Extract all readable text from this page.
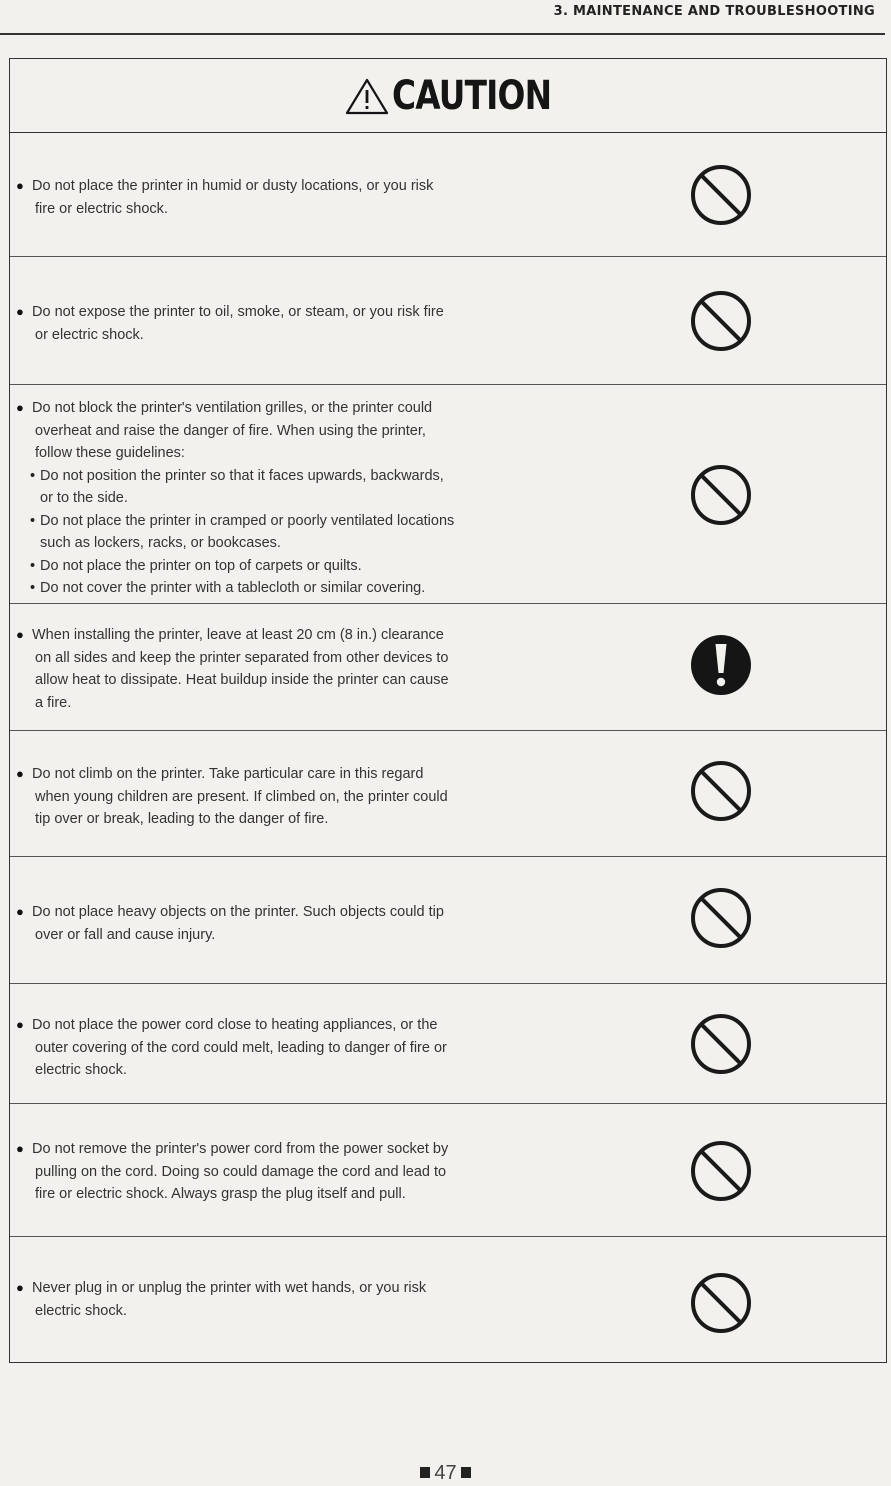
3. MAINTENANCE AND TROUBLESHOOTING
CAUTION
● Do not place the printer in humid or dusty locations, or you risk
fire or electric shock.
● Do not expose the printer to oil, smoke, or steam, or you risk fire
or electric shock.
● Do not block the printer's ventilation grilles, or the printer could
overheat and raise the danger of fire. When using the printer,
follow these guidelines:
• Do not position the printer so that it faces upwards, backwards,
or to the side.
• Do not place the printer in cramped or poorly ventilated locations
such as lockers, racks, or bookcases.
• Do not place the printer on top of carpets or quilts.
• Do not cover the printer with a tablecloth or similar covering.
● When installing the printer, leave at least 20 cm (8 in.) clearance
on all sides and keep the printer separated from other devices to
allow heat to dissipate. Heat buildup inside the printer can cause
a fire.
● Do not climb on the printer. Take particular care in this regard
when young children are present. If climbed on, the printer could
tip over or break, leading to the danger of fire.
● Do not place heavy objects on the printer. Such objects could tip
over or fall and cause injury.
● Do not place the power cord close to heating appliances, or the
outer covering of the cord could melt, leading to danger of fire or
electric shock.
● Do not remove the printer's power cord from the power socket by
pulling on the cord. Doing so could damage the cord and lead to
fire or electric shock. Always grasp the plug itself and pull.
● Never plug in or unplug the printer with wet hands, or you risk
electric shock.
47
